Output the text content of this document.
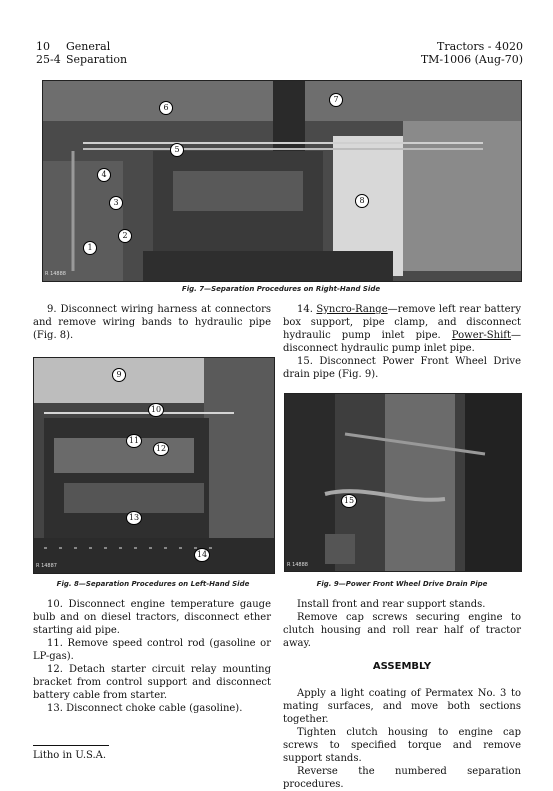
10 General
25-4 Separation
Tractors - 4020
TM-1006 (Aug-70)
1
2
3
4
5
6
7
8
R 14888
Fig. 7—Separation Procedures on Right-Hand Side

9. Disconnect wiring harness at connectors and remove wiring bands to hydraulic pipe (Fig. 8).

14. Syncro-Range—remove left rear battery box support, pipe clamp, and disconnect hydraulic pump inlet pipe. Power-Shift—disconnect hydraulic pump inlet pipe.

15. Disconnect Power Front Wheel Drive drain pipe (Fig. 9).

9
10
11
12
13
14
R 14887
Fig. 8—Separation Procedures on Left-Hand Side
15
R 14888
Fig. 9—Power Front Wheel Drive Drain Pipe

10. Disconnect engine temperature gauge bulb and on diesel tractors, disconnect ether starting aid pipe.

11. Remove speed control rod (gasoline or LP-gas).

12. Detach starter circuit relay mounting bracket from control support and disconnect battery cable from starter.

13. Disconnect choke cable (gasoline).

Install front and rear support stands.

Remove cap screws securing engine to clutch housing and roll rear half of tractor away.

ASSEMBLY

Apply a light coating of Permatex No. 3 to mating surfaces, and move both sections together.

Tighten clutch housing to engine cap screws to specified torque and remove support stands.

Reverse the numbered separation procedures.

Litho in U.S.A.
